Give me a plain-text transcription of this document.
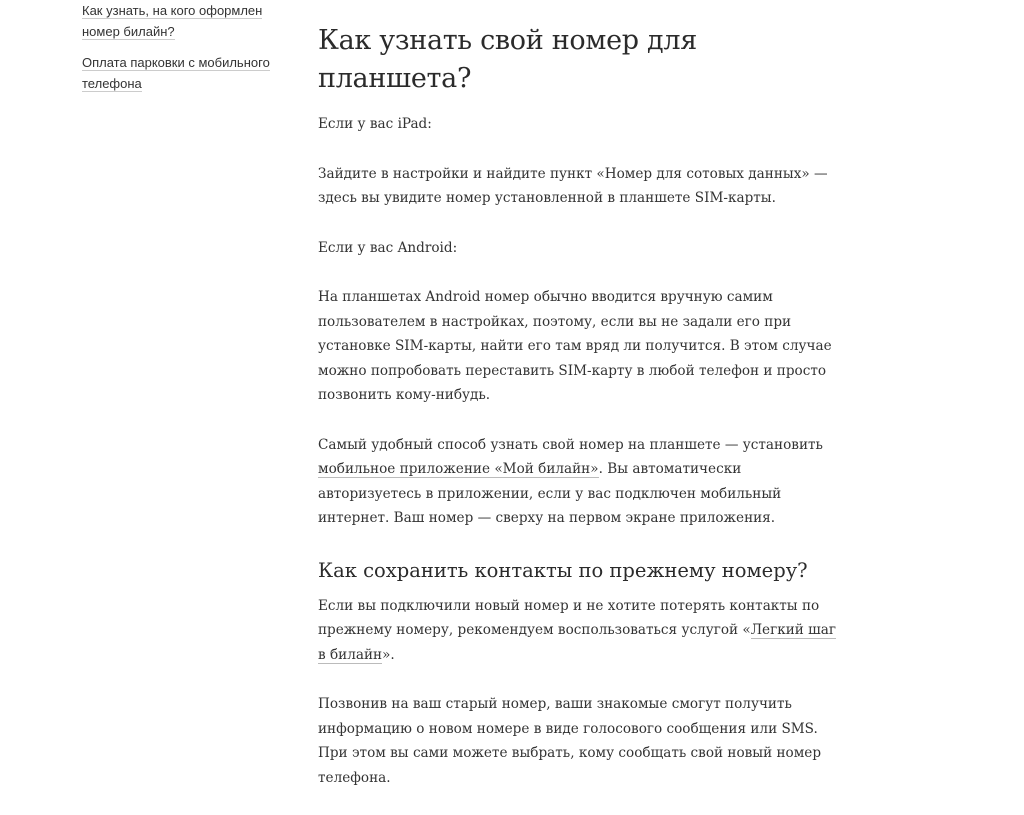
Как узнать, на кого оформлен
номер билайн?
Оплата парковки с мобильного
телефона
Как узнать свой номер для планшета?

Если у вас iPad:

Зайдите в настройки и найдите пункт «Номер для сотовых данных» —
здесь вы увидите номер установленной в планшете SIM-карты.

Если у вас Android:

На планшетах Android номер обычно вводится вручную самим
пользователем в настройках, поэтому, если вы не задали его при
установке SIM-карты, найти его там вряд ли получится. В этом случае
можно попробовать переставить SIM-карту в любой телефон и просто
позвонить кому-нибудь.

Самый удобный способ узнать свой номер на планшете — установить
мобильное приложение «Мой билайн». Вы автоматически
авторизуетесь в приложении, если у вас подключен мобильный
интернет. Ваш номер — сверху на первом экране приложения.

Как сохранить контакты по прежнему номеру?

Если вы подключили новый номер и не хотите потерять контакты по
прежнему номеру, рекомендуем воспользоваться услугой «Легкий шаг
в билайн».

Позвонив на ваш старый номер, ваши знакомые смогут получить
информацию о новом номере в виде голосового сообщения или SMS.
При этом вы сами можете выбрать, кому сообщать свой новый номер
телефона.
